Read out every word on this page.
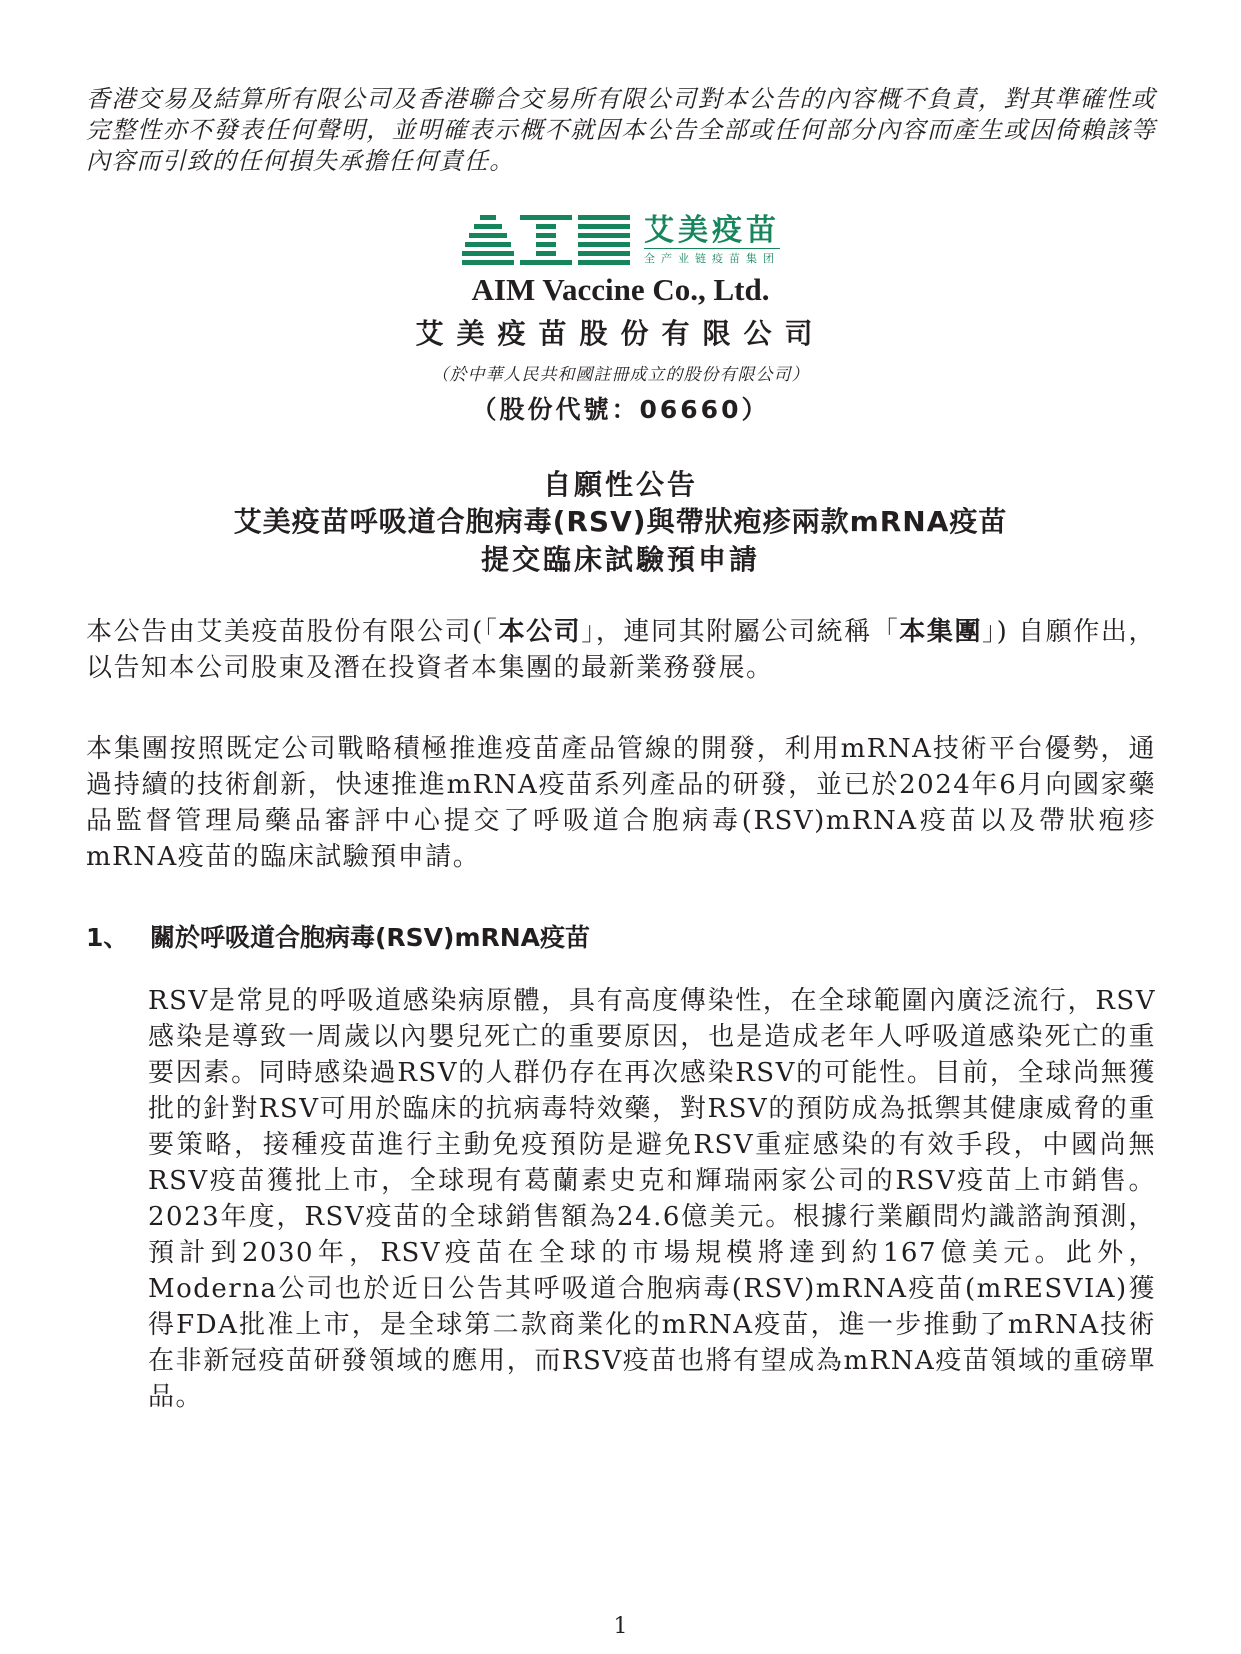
香港交易及結算所有限公司及香港聯合交易所有限公司對本公告的內容概不負責，對其準確性或完整性亦不發表任何聲明，並明確表示概不就因本公告全部或任何部分內容而產生或因倚賴該等內容而引致的任何損失承擔任何責任。
艾美疫苗
全产业链疫苗集团
AIM Vaccine Co., Ltd.
艾美疫苗股份有限公司
（於中華人民共和國註冊成立的股份有限公司）
（股份代號：06660）
自願性公告
艾美疫苗呼吸道合胞病毒(RSV)與帶狀疱疹兩款mRNA疫苗
提交臨床試驗預申請
本公告由艾美疫苗股份有限公司(「本公司」，連同其附屬公司統稱「本集團」) 自願作出，以告知本公司股東及潛在投資者本集團的最新業務發展。
本集團按照既定公司戰略積極推進疫苗產品管線的開發，利用mRNA技術平台優勢，通過持續的技術創新，快速推進mRNA疫苗系列產品的研發，並已於2024年6月向國家藥品監督管理局藥品審評中心提交了呼吸道合胞病毒(RSV)mRNA疫苗以及帶狀疱疹mRNA疫苗的臨床試驗預申請。
1、 關於呼吸道合胞病毒(RSV)mRNA疫苗
RSV是常見的呼吸道感染病原體，具有高度傳染性，在全球範圍內廣泛流行，RSV感染是導致一周歲以內嬰兒死亡的重要原因，也是造成老年人呼吸道感染死亡的重要因素。同時感染過RSV的人群仍存在再次感染RSV的可能性。目前，全球尚無獲批的針對RSV可用於臨床的抗病毒特效藥，對RSV的預防成為抵禦其健康威脅的重要策略，接種疫苗進行主動免疫預防是避免RSV重症感染的有效手段，中國尚無RSV疫苗獲批上市，全球現有葛蘭素史克和輝瑞兩家公司的RSV疫苗上市銷售。2023年度，RSV疫苗的全球銷售額為24.6億美元。根據行業顧問灼識諮詢預測，預計到2030年，RSV疫苗在全球的市場規模將達到約167億美元。此外，Moderna公司也於近日公告其呼吸道合胞病毒(RSV)mRNA疫苗(mRESVIA)獲得FDA批准上市，是全球第二款商業化的mRNA疫苗，進一步推動了mRNA技術在非新冠疫苗研發領域的應用，而RSV疫苗也將有望成為mRNA疫苗領域的重磅單品。
1
